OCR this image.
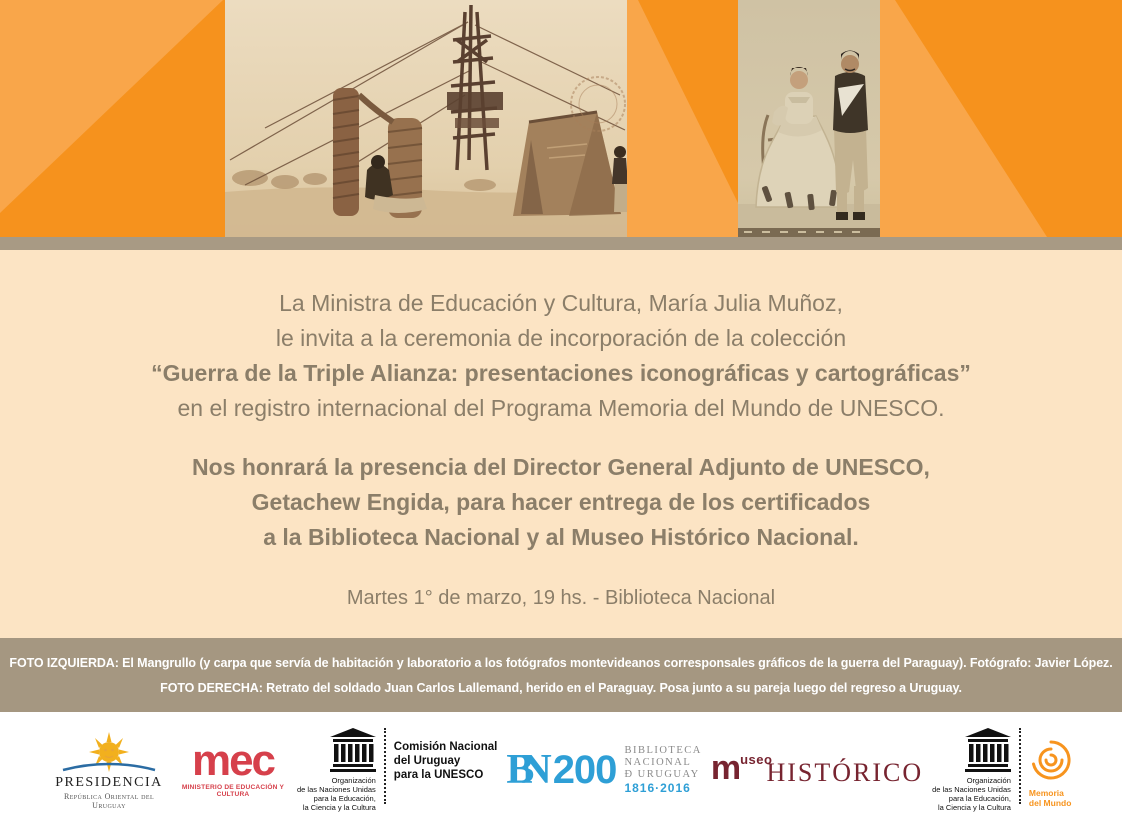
La Ministra de Educación y Cultura, María Julia Muñoz,
le invita a la ceremonia de incorporación de la colección
“Guerra de la Triple Alianza: presentaciones iconográficas y cartográficas”
en el registro internacional del Programa Memoria del Mundo de UNESCO.
Nos honrará la presencia del Director General Adjunto de UNESCO,
Getachew Engida, para hacer entrega de los certificados
a la Biblioteca Nacional y al Museo Histórico Nacional.
Martes 1° de marzo, 19 hs. - Biblioteca Nacional
FOTO IZQUIERDA: El Mangrullo (y carpa que servía de habitación y laboratorio a los fotógrafos montevideanos corresponsales gráficos de la guerra del Paraguay). Fotógrafo: Javier López.
FOTO DERECHA: Retrato del soldado Juan Carlos Lallemand, herido en el Paraguay. Posa junto a su pareja luego del regreso a Uruguay.
PRESIDENCIA
República Oriental del Uruguay
mec
MINISTERIO DE EDUCACIÓN Y CULTURA
Organización
de las Naciones Unidas
para la Educación,
la Ciencia y la Cultura
Comisión Nacional
del Uruguay
para la UNESCO BN 200 BIBLIOTECA
NACIONAL
Đ URUGUAY
1816·2016
m useo
HISTÓRICO	Organización
de las Naciones Unidas
para la Educación,
la Ciencia y la Cultura
Memoria
del Mundo
